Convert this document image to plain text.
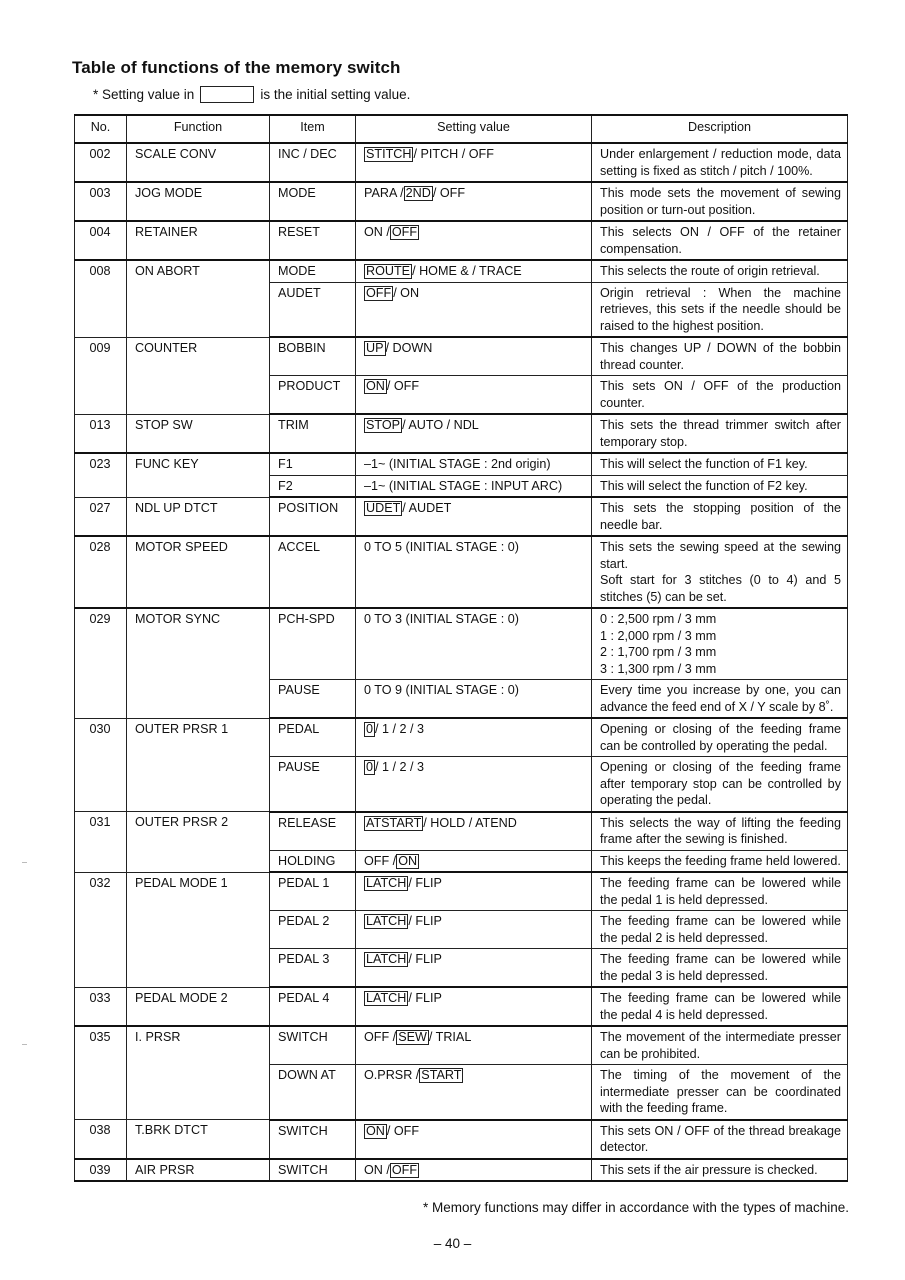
Table of functions of the memory switch
* Setting value in	is the initial setting value.
No.	Function	Item	Setting value	Description
002	SCALE CONV	INC / DEC	STITCH / PITCH / OFF	Under enlargement / reduction mode, data setting is fixed as stitch / pitch / 100%.
003	JOG MODE	MODE	PARA / 2ND / OFF	This mode sets the movement of sewing position or turn-out position.
004	RETAINER	RESET	ON / OFF	This selects ON / OFF of the retainer compensation.
008	ON ABORT	MODE	ROUTE / HOME & / TRACE	This selects the route of origin retrieval.
		AUDET	OFF / ON	Origin retrieval : When the machine retrieves, this sets if the needle should be raised to the highest position.
009	COUNTER	BOBBIN	UP / DOWN	This changes UP / DOWN of the bobbin thread counter.
		PRODUCT	ON / OFF	This sets ON / OFF of the production counter.
013	STOP SW	TRIM	STOP / AUTO / NDL	This sets the thread trimmer switch after temporary stop.
023	FUNC KEY	F1	–1~ (INITIAL STAGE : 2nd origin)	This will select the function of F1 key.
		F2	–1~ (INITIAL STAGE : INPUT ARC)	This will select the function of F2 key.
027	NDL UP DTCT	POSITION	UDET / AUDET	This sets the stopping position of the needle bar.
028	MOTOR SPEED	ACCEL	0 TO 5 (INITIAL STAGE : 0)	This sets the sewing speed at the sewing start.
Soft start for 3 stitches (0 to 4) and 5 stitches (5) can be set.
029	MOTOR SYNC	PCH-SPD	0 TO 3 (INITIAL STAGE : 0)	0 : 2,500 rpm / 3 mm
1 : 2,000 rpm / 3 mm
2 : 1,700 rpm / 3 mm
3 : 1,300 rpm / 3 mm
		PAUSE	0 TO 9 (INITIAL STAGE : 0)	Every time you increase by one, you can advance the feed end of X / Y scale by 8˚.
030	OUTER PRSR 1	PEDAL	0 / 1 / 2 / 3	Opening or closing of the feeding frame can be controlled by operating the pedal.
		PAUSE	0 / 1 / 2 / 3	Opening or closing of the feeding frame after temporary stop can be controlled by operating the pedal.
031	OUTER PRSR 2	RELEASE	ATSTART / HOLD / ATEND	This selects the way of lifting the feeding frame after the sewing is finished.
		HOLDING	OFF / ON	This keeps the feeding frame held lowered.
032	PEDAL MODE 1	PEDAL 1	LATCH / FLIP	The feeding frame can be lowered while the pedal 1 is held depressed.
		PEDAL 2	LATCH / FLIP	The feeding frame can be lowered while the pedal 2 is held depressed.
		PEDAL 3	LATCH / FLIP	The feeding frame can be lowered while the pedal 3 is held depressed.
033	PEDAL MODE 2	PEDAL 4	LATCH / FLIP	The feeding frame can be lowered while the pedal 4 is held depressed.
035	I. PRSR	SWITCH	OFF / SEW / TRIAL	The movement of the intermediate presser can be prohibited.
		DOWN AT	O.PRSR / START	The timing of the movement of the intermediate presser can be coordinated with the feeding frame.
038	T.BRK DTCT	SWITCH	ON / OFF	This sets ON / OFF of the thread breakage detector.
039	AIR PRSR	SWITCH	ON / OFF	This sets if the air pressure is checked.
* Memory functions may differ in accordance with the types of machine.
– 40 –
